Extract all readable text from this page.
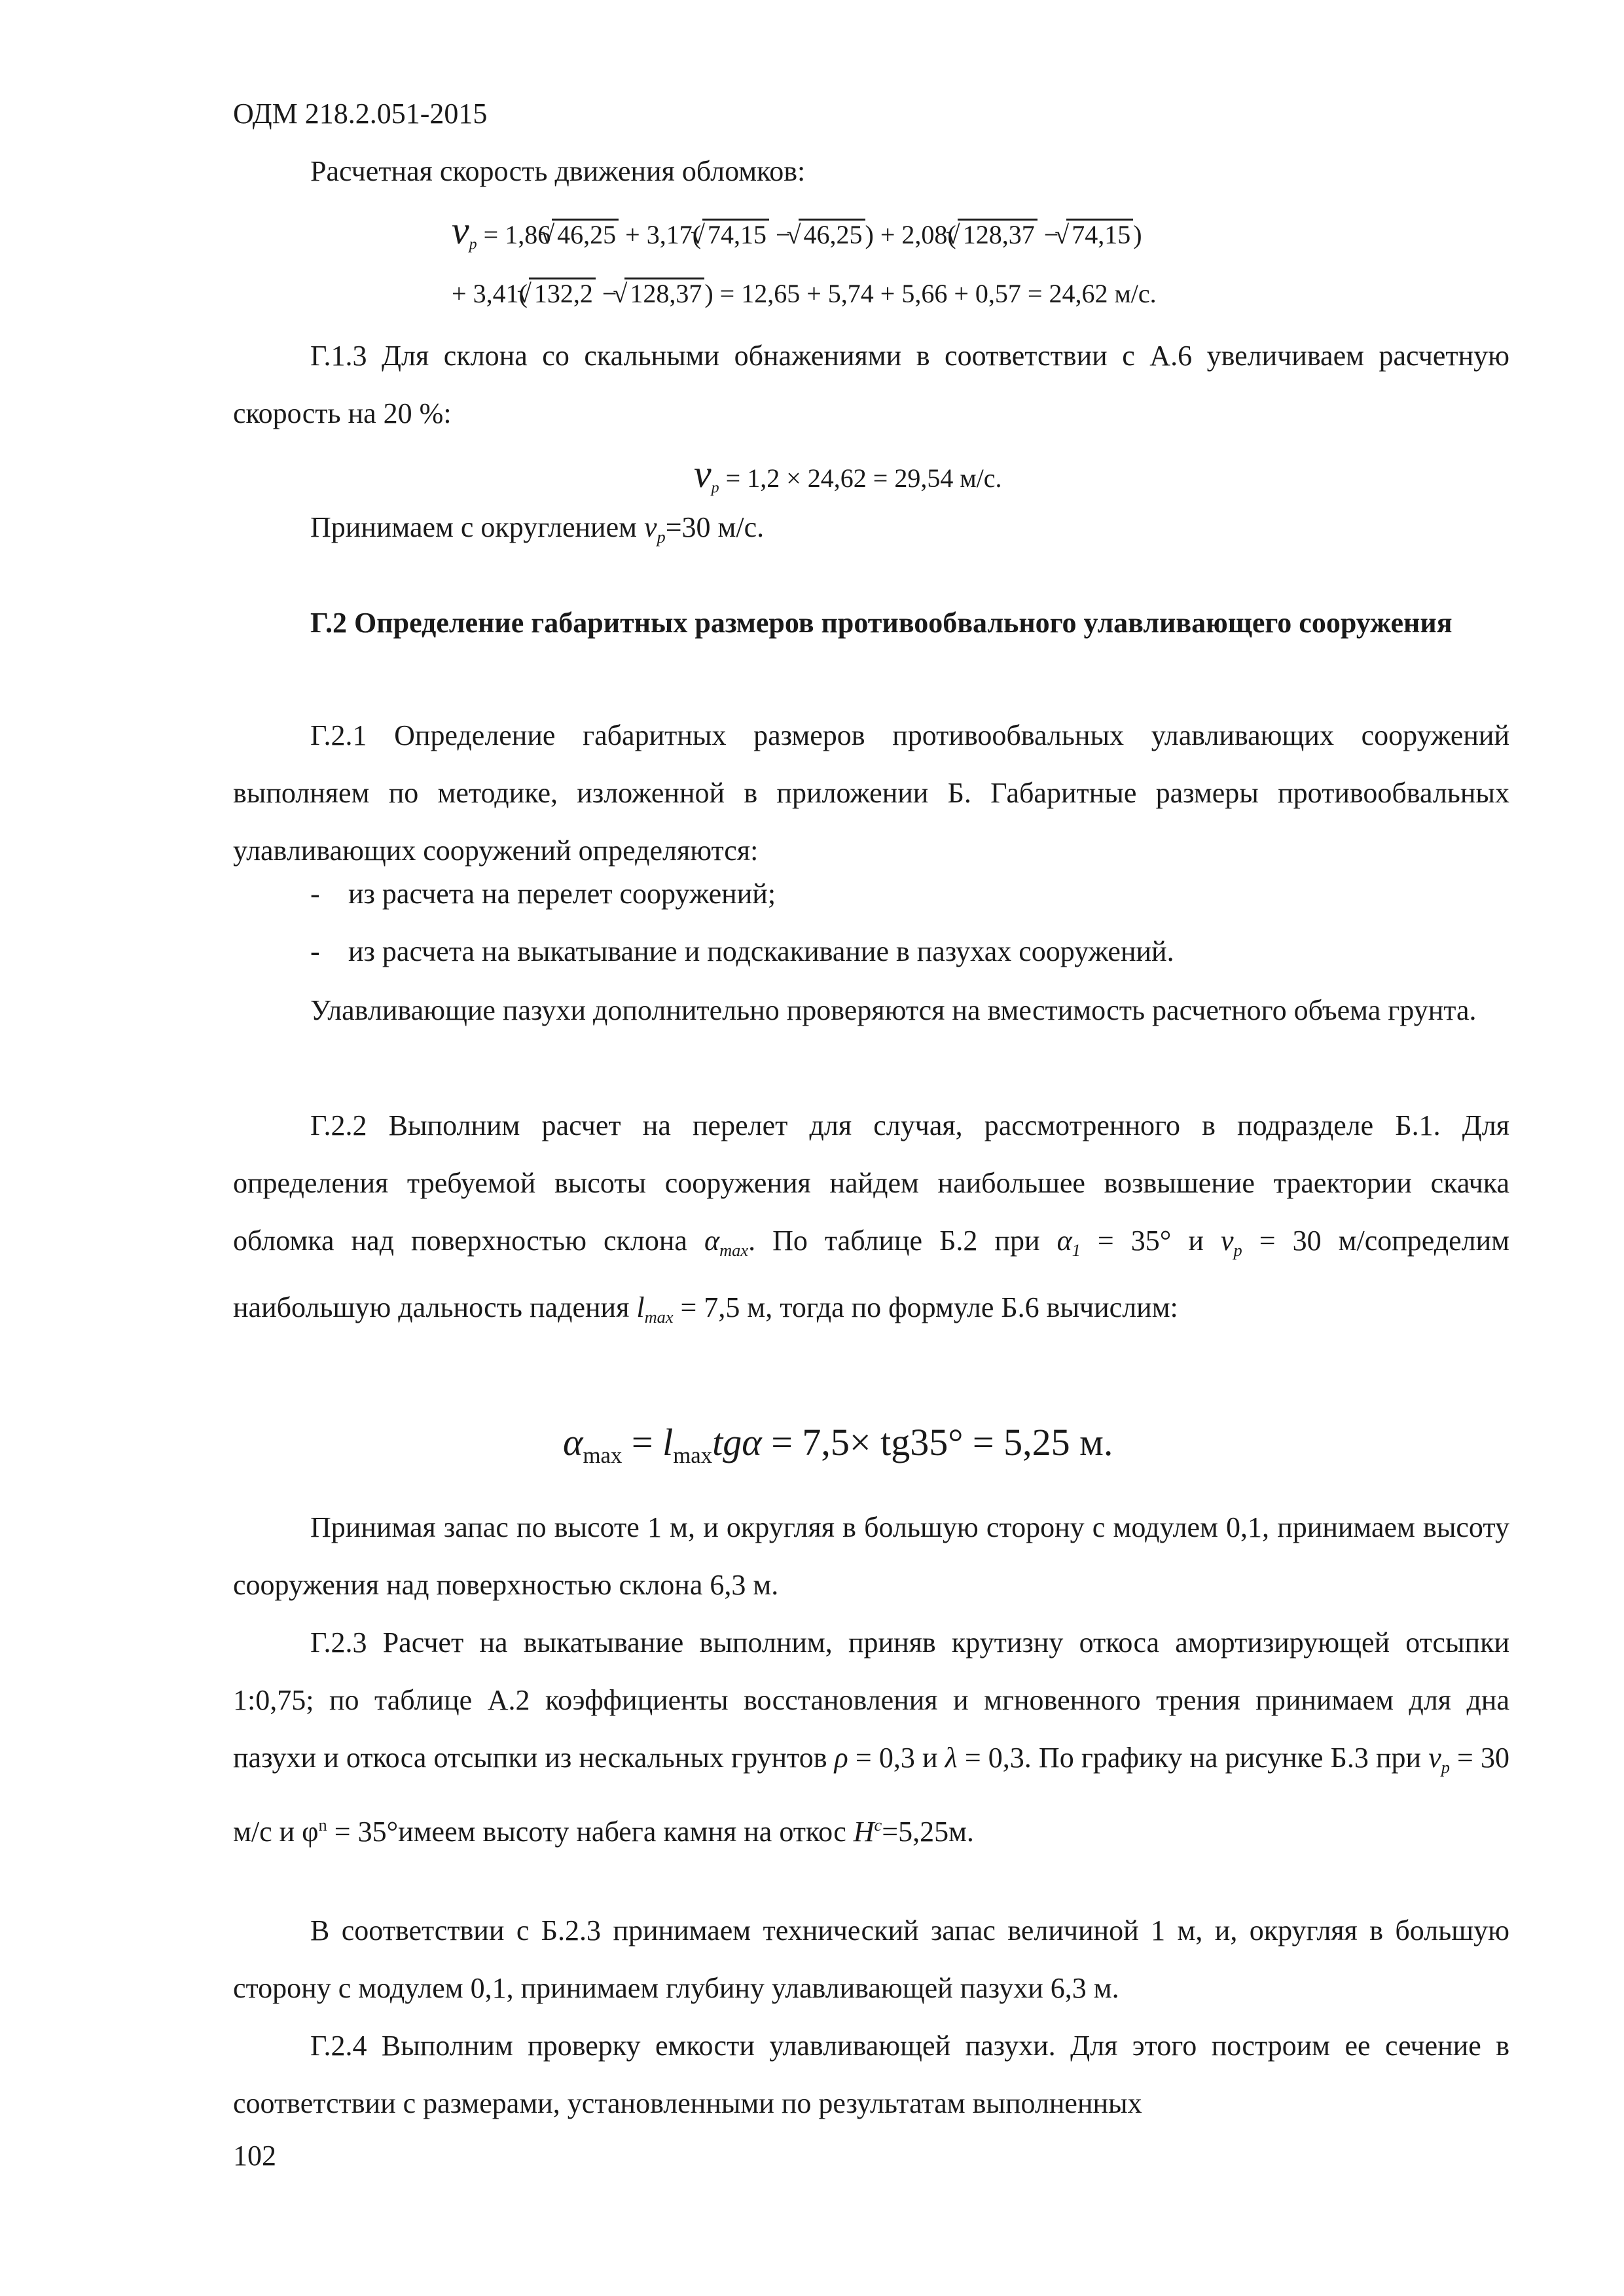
ОДМ 218.2.051-2015
Расчетная скорость движения обломков:
$\nu_p = 1,86√$ 46,25 + 3,17(√ 74,15 − √ 46,25 ) + 2,08(√ 128,37 − √ 74,15 )
+ 3,41(√ 132,2 − √ 128,37 ) = 12,65 + 5,74 + 5,66 + 0,57 = 24,62 м/с.

Г.1.3 Для склона со скальными обнажениями в соответствии с А.6 увеличиваем расчетную скорость на 20 %:

$\nu_p = 1,2 \times 24,62 = 29,54$ м/с.
Принимаем с округлением $v_p=30$ м/с.

Г.2 Определение габаритных размеров противообвального улавливающего сооружения

Г.2.1 Определение габаритных размеров противообвальных улавливающих сооружений выполняем по методике, изложенной в приложении Б. Габаритные размеры противообвальных улавливающих сооружений определяются:

- из расчета на перелет сооружений;
- из расчета на выкатывание и подскакивание в пазухах сооружений.

Улавливающие пазухи дополнительно проверяются на вместимость расчетного объема грунта.

Г.2.2 Выполним расчет на перелет для случая, рассмотренного в подразделе Б.1. Для определения требуемой высоты сооружения найдем наибольшее возвышение траектории скачка обломка над поверхностью склона $\alpha_{max}$. По таблице Б.2 при $\alpha_1 = 35^\circ$ и $v_p = 30$ м/сопределим наибольшую дальность падения $l_{max} = 7,5$ м, тогда по формуле Б.6 вычислим:

$\alpha_{max} = l_{max}tg\alpha = 7,5\times tg35^\circ = 5,25$ м.

Принимая запас по высоте 1 м, и округляя в большую сторону с модулем 0,1, принимаем высоту сооружения над поверхностью склона 6,3 м.

Г.2.3 Расчет на выкатывание выполним, приняв крутизну откоса амортизирующей отсыпки 1:0,75; по таблице А.2 коэффициенты восстановления и мгновенного трения принимаем для дна пазухи и откоса отсыпки из нескальных грунтов ρ = 0,3 и λ = 0,3. По графику на рисунке Б.3 при $v_p = 30$ м/с и $\varphi^n$ = 35°имеем высоту набега камня на откос $H^c=5,25м$.

В соответствии с Б.2.3 принимаем технический запас величиной 1 м, и, округляя в большую сторону с модулем 0,1, принимаем глубину улавливающей пазухи 6,3 м.

Г.2.4 Выполним проверку емкости улавливающей пазухи. Для этого построим ее сечение в соответствии с размерами, установленными по результатам выполненных

102
